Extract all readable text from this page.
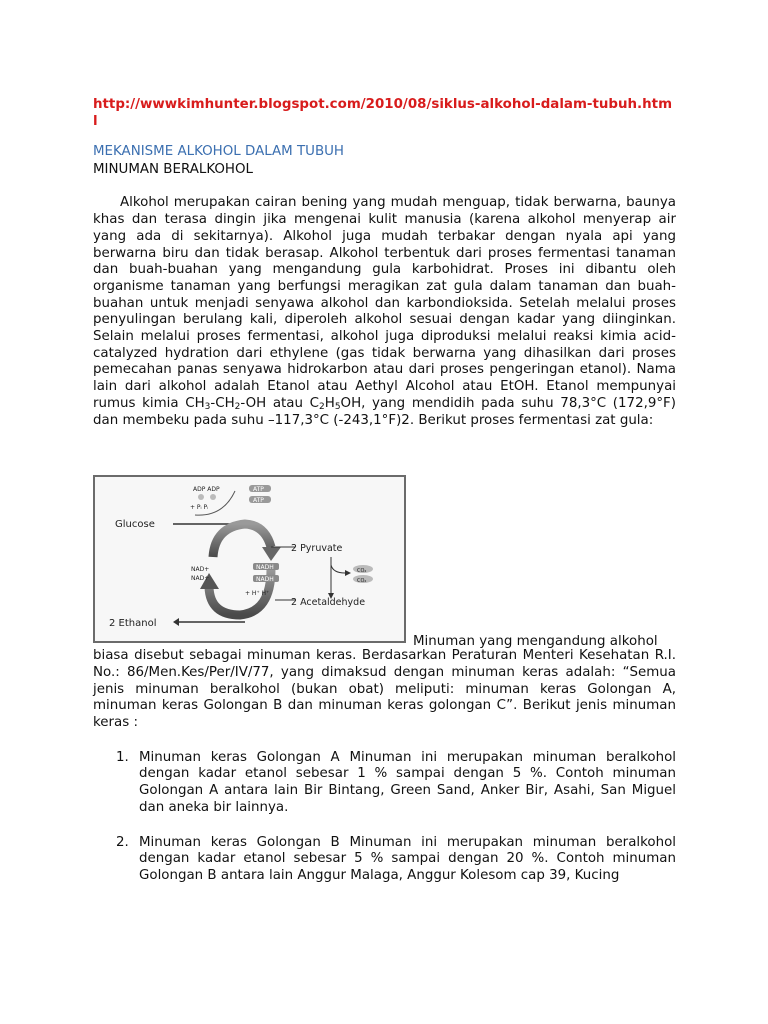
http://wwwkimhunter.blogspot.com/2010/08/siklus-alkohol-dalam-tubuh.html
MEKANISME ALKOHOL DALAM TUBUH
MINUMAN BERALKOHOL
Alkohol merupakan cairan bening yang mudah menguap, tidak berwarna, baunya khas dan terasa dingin jika mengenai kulit manusia (karena alkohol menyerap air yang ada di sekitarnya). Alkohol juga mudah terbakar dengan nyala api yang berwarna biru dan tidak berasap. Alkohol terbentuk dari proses fermentasi tanaman dan buah-buahan yang mengandung gula karbohidrat. Proses ini dibantu oleh organisme tanaman yang berfungsi meragikan zat gula dalam tanaman dan buah-buahan untuk menjadi senyawa alkohol dan karbondioksida. Setelah melalui proses penyulingan berulang kali, diperoleh alkohol sesuai dengan kadar yang diinginkan. Selain melalui proses fermentasi, alkohol juga diproduksi melalui reaksi kimia acid-catalyzed hydration dari ethylene (gas tidak berwarna yang dihasilkan dari proses pemecahan panas senyawa hidrokarbon atau dari proses pengeringan etanol). Nama lain dari alkohol adalah Etanol atau Aethyl Alcohol atau EtOH. Etanol mempunyai rumus kimia $CH_3-CH_2-OH$ atau $C_2H_5OH$, yang mendidih pada suhu 78,3°C (172,9°F) dan membeku pada suhu –117,3°C (-243,1°F)2. Berikut proses fermentasi zat gula:
Glucose
ADP ADP
+ Pᵢ Pᵢ
ATP
ATP
NAD+
NAD+
NADH
NADH
+ H⁺ H⁺
2 Pyruvate
CO₂
CO₂
2 Acetaldehyde
2 Ethanol
Minuman yang mengandung alkohol
biasa disebut sebagai minuman keras. Berdasarkan Peraturan Menteri Kesehatan R.I. No.: 86/Men.Kes/Per/IV/77, yang dimaksud dengan minuman keras adalah: “Semua jenis minuman beralkohol (bukan obat) meliputi: minuman keras Golongan A, minuman keras Golongan B dan minuman keras golongan C”. Berikut jenis minuman keras :
1. Minuman keras Golongan A Minuman ini merupakan minuman beralkohol dengan kadar etanol sebesar 1 % sampai dengan 5 %. Contoh minuman Golongan A antara lain Bir Bintang, Green Sand, Anker Bir, Asahi, San Miguel dan aneka bir lainnya.
2. Minuman keras Golongan B Minuman ini merupakan minuman beralkohol dengan kadar etanol sebesar 5 % sampai dengan 20 %. Contoh minuman Golongan B antara lain Anggur Malaga, Anggur Kolesom cap 39, Kucing
